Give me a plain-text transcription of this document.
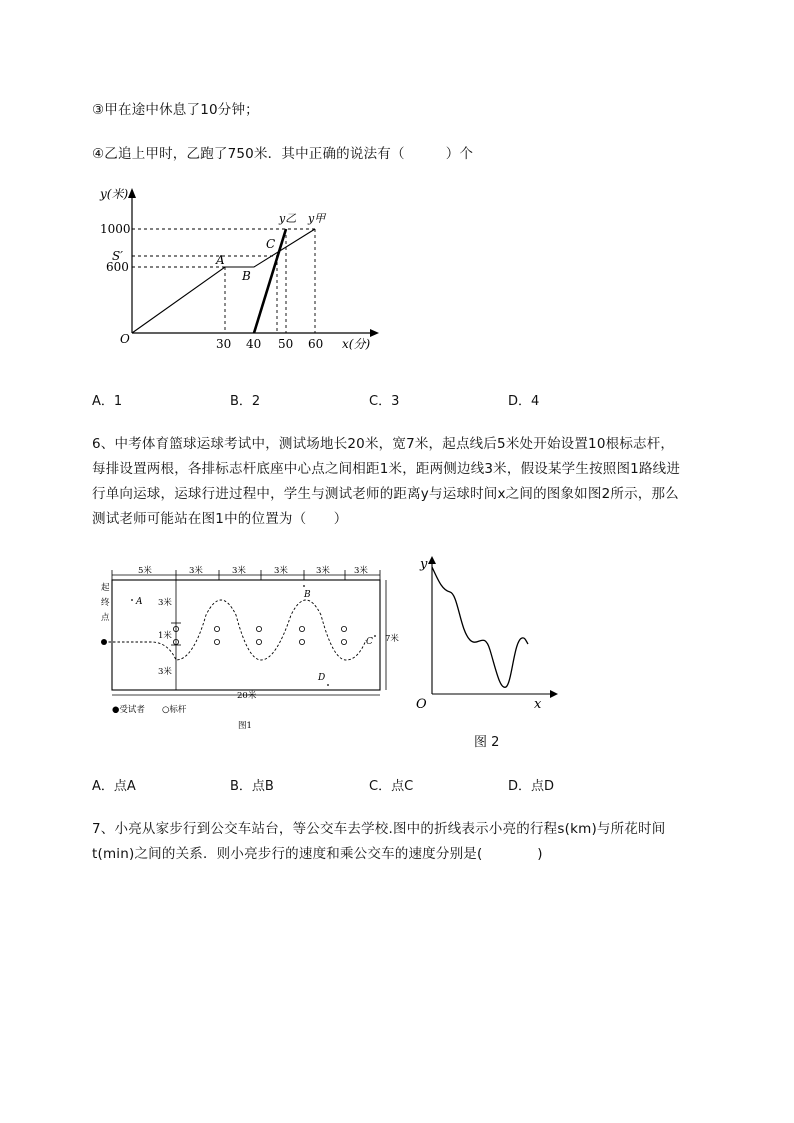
③甲在途中休息了10分钟；
④乙追上甲时，乙跑了750米．其中正确的说法有（　　　）个
y(米)
x(分)
O
1000
S′
600
30 40 50 60
A
B
C
y乙 y甲
A．1	B．2	C．3	D．4
6、中考体育篮球运球考试中，测试场地长20米，宽7米，起点线后5米处开始设置10根标志杆，
每排设置两根，各排标志杆底座中心点之间相距1米，距两侧边线3米，假设某学生按照图1路线进
行单向运球，运球行进过程中，学生与测试老师的距离y与运球时间x之间的图象如图2所示，那么
测试老师可能站在图1中的位置为（　　）
5米	3米	3米	3米	3米	3米
3米
1米
3米
20米
7米
起
终
点
A
B
C
D
●受试者 ○标杆
图1
y
x
O
图 2
A．点A	B．点B	C．点C	D．点D
7、小亮从家步行到公交车站台，等公交车去学校.图中的折线表示小亮的行程s(km)与所花时间
t(min)之间的关系．则小亮步行的速度和乘公交车的速度分别是(　　　　)
